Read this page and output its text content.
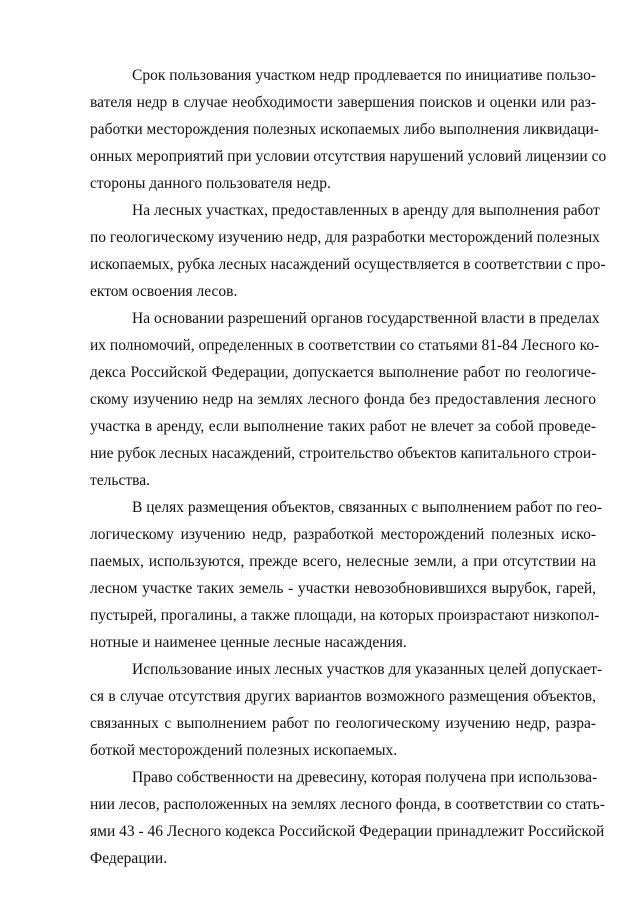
Срок пользования участком недр продлевается по инициативе пользо-
вателя недр в случае необходимости завершения поисков и оценки или раз-
работки месторождения полезных ископаемых либо выполнения ликвидаци-
онных мероприятий при условии отсутствия нарушений условий лицензии со
стороны данного пользователя недр.

На лесных участках, предоставленных в аренду для выполнения работ
по геологическому изучению недр, для разработки месторождений полезных
ископаемых, рубка лесных насаждений осуществляется в соответствии с про-
ектом освоения лесов.

На основании разрешений органов государственной власти в пределах
их полномочий, определенных в соответствии со статьями 81-84 Лесного ко-
декса Российской Федерации, допускается выполнение работ по геологиче-
скому изучению недр на землях лесного фонда без предоставления лесного
участка в аренду, если выполнение таких работ не влечет за собой проведе-
ние рубок лесных насаждений, строительство объектов капитального строи-
тельства.

В целях размещения объектов, связанных с выполнением работ по гео-
логическому изучению недр, разработкой месторождений полезных иско-
паемых, используются, прежде всего, нелесные земли, а при отсутствии на
лесном участке таких земель - участки невозобновившихся вырубок, гарей,
пустырей, прогалины, а также площади, на которых произрастают низкопол-
нотные и наименее ценные лесные насаждения.

Использование иных лесных участков для указанных целей допускает-
ся в случае отсутствия других вариантов возможного размещения объектов,
связанных с выполнением работ по геологическому изучению недр, разра-
боткой месторождений полезных ископаемых.

Право собственности на древесину, которая получена при использова-
нии лесов, расположенных на землях лесного фонда, в соответствии со стать-
ями 43 - 46 Лесного кодекса Российской Федерации принадлежит Российской
Федерации.
